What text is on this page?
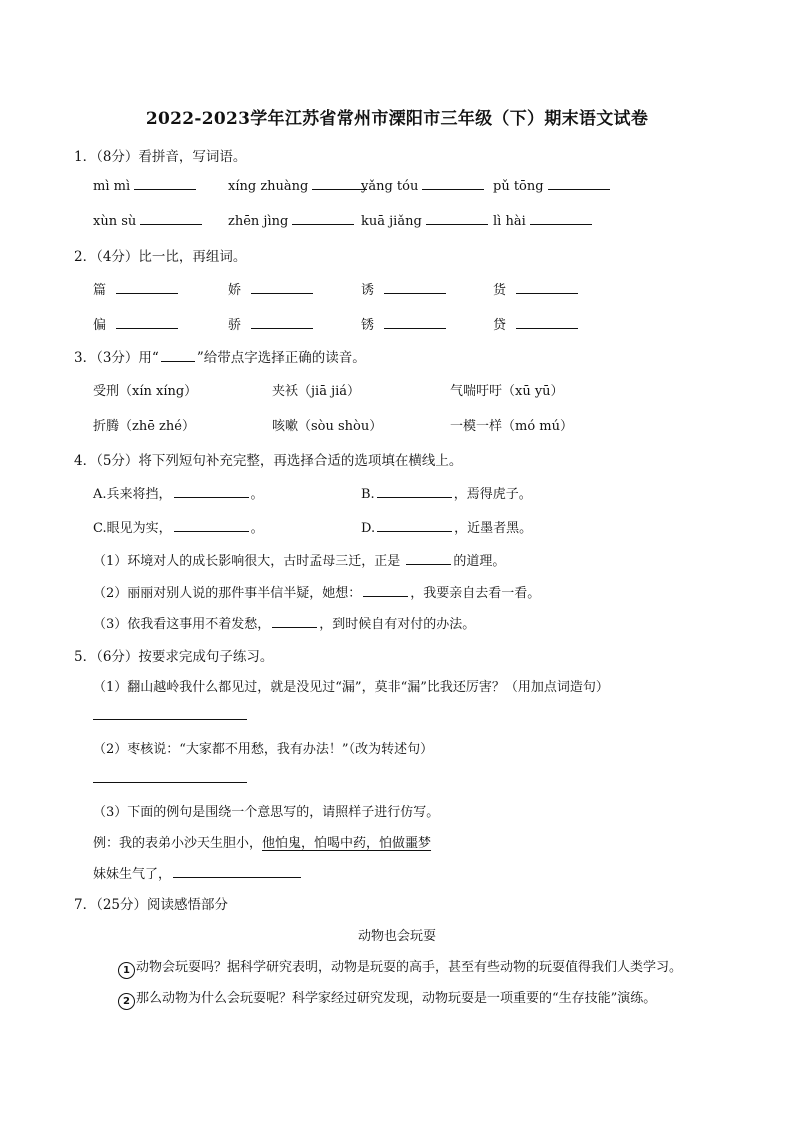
2022-2023学年江苏省常州市溧阳市三年级（下）期末语文试卷
1．（8分）看拼音，写词语。
mì mì	xíng zhuàng	yǎng tóu	pǔ tōng
xùn sù	zhēn jìng	kuā jiǎng	lì hài
2．（4分）比一比，再组词。
篇	娇	诱	货
偏	骄	锈	贷
3．（3分）用“	”给带点字选择正确的读音。
受刑（xín xíng）	夹袄（jiā jiá）	气喘吁吁（xū yū）
折腾（zhē zhé）	咳嗽（sòu shòu）	一模一样（mó mú）
4．（5分）将下列短句补充完整，再选择合适的选项填在横线上。
A.兵来将挡，	。	B.	，焉得虎子。
C.眼见为实，	。	D.	，近墨者黑。
（1）环境对人的成长影响很大，古时孟母三迁，正是	的道理。
（2）丽丽对别人说的那件事半信半疑，她想：	，我要亲自去看一看。
（3）依我看这事用不着发愁，	，到时候自有对付的办法。
5．（6分）按要求完成句子练习。
（1）翻山越岭我什么都见过，就是没见过“漏”，莫非“漏”比我还厉害？（用加点词造句）
（2）枣核说：“大家都不用愁，我有办法！”（改为转述句）
（3）下面的例句是围绕一个意思写的，请照样子进行仿写。
例：我的表弟小沙天生胆小，他怕鬼，怕喝中药，怕做噩梦
妹妹生气了，
7．（25分）阅读感悟部分
动物也会玩耍
1 动物会玩耍吗？据科学研究表明，动物是玩耍的高手，甚至有些动物的玩耍值得我们人类学习。
2 那么动物为什么会玩耍呢？科学家经过研究发现，动物玩耍是一项重要的“生存技能”演练。
